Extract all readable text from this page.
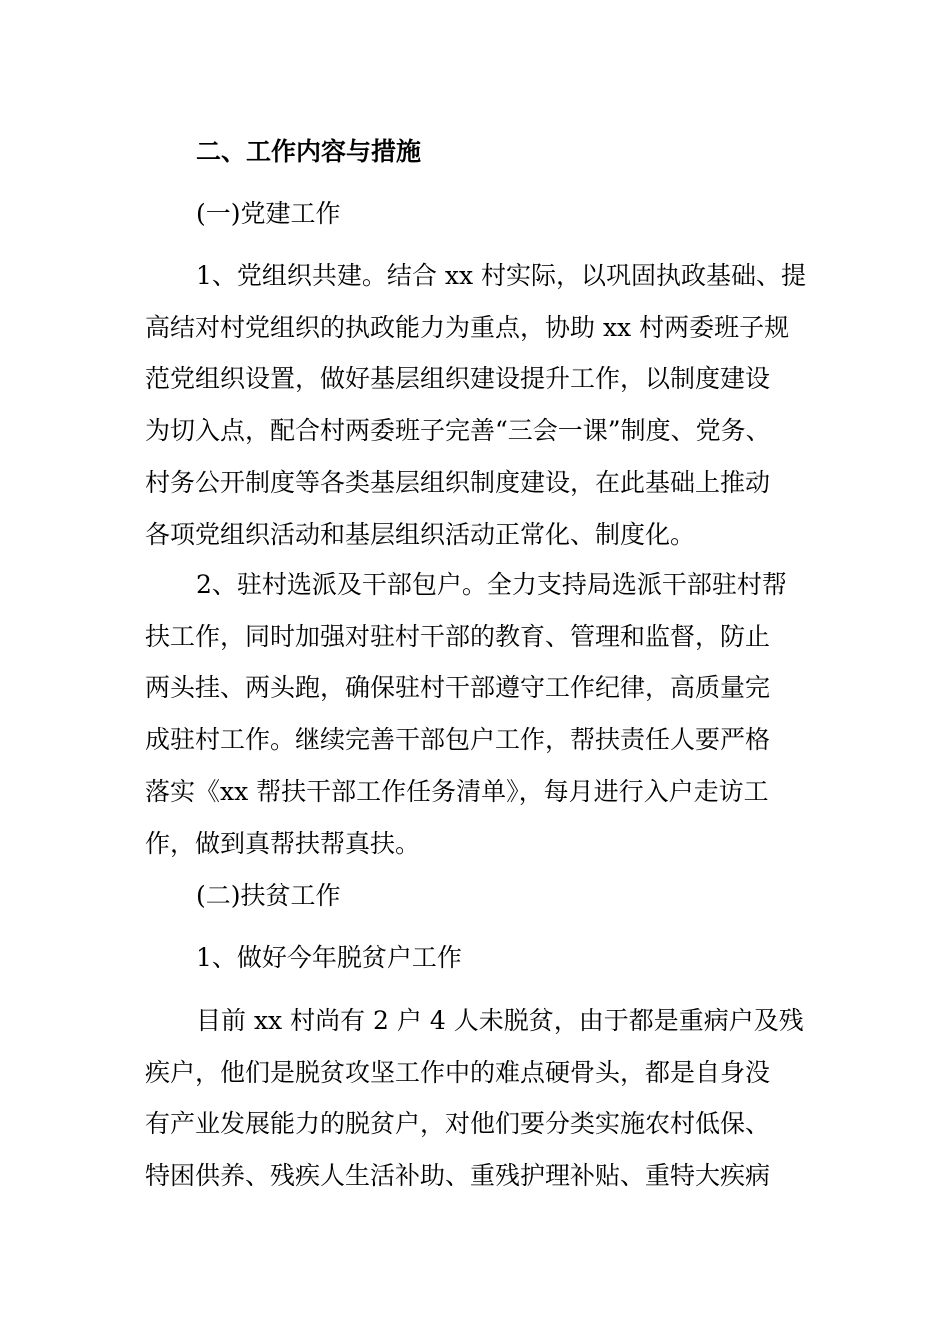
二、工作内容与措施
(一)党建工作
1、党组织共建。结合 xx 村实际，以巩固执政基础、提
高结对村党组织的执政能力为重点，协助 xx 村两委班子规
范党组织设置，做好基层组织建设提升工作，以制度建设
为切入点，配合村两委班子完善“三会一课”制度、党务、
村务公开制度等各类基层组织制度建设，在此基础上推动
各项党组织活动和基层组织活动正常化、制度化。
2、驻村选派及干部包户。全力支持局选派干部驻村帮
扶工作，同时加强对驻村干部的教育、管理和监督，防止
两头挂、两头跑，确保驻村干部遵守工作纪律，高质量完
成驻村工作。继续完善干部包户工作，帮扶责任人要严格
落实《xx 帮扶干部工作任务清单》，每月进行入户走访工
作，做到真帮扶帮真扶。
(二)扶贫工作
1、做好今年脱贫户工作
目前 xx 村尚有 2 户 4 人未脱贫，由于都是重病户及残
疾户，他们是脱贫攻坚工作中的难点硬骨头，都是自身没
有产业发展能力的脱贫户，对他们要分类实施农村低保、
特困供养、残疾人生活补助、重残护理补贴、重特大疾病
